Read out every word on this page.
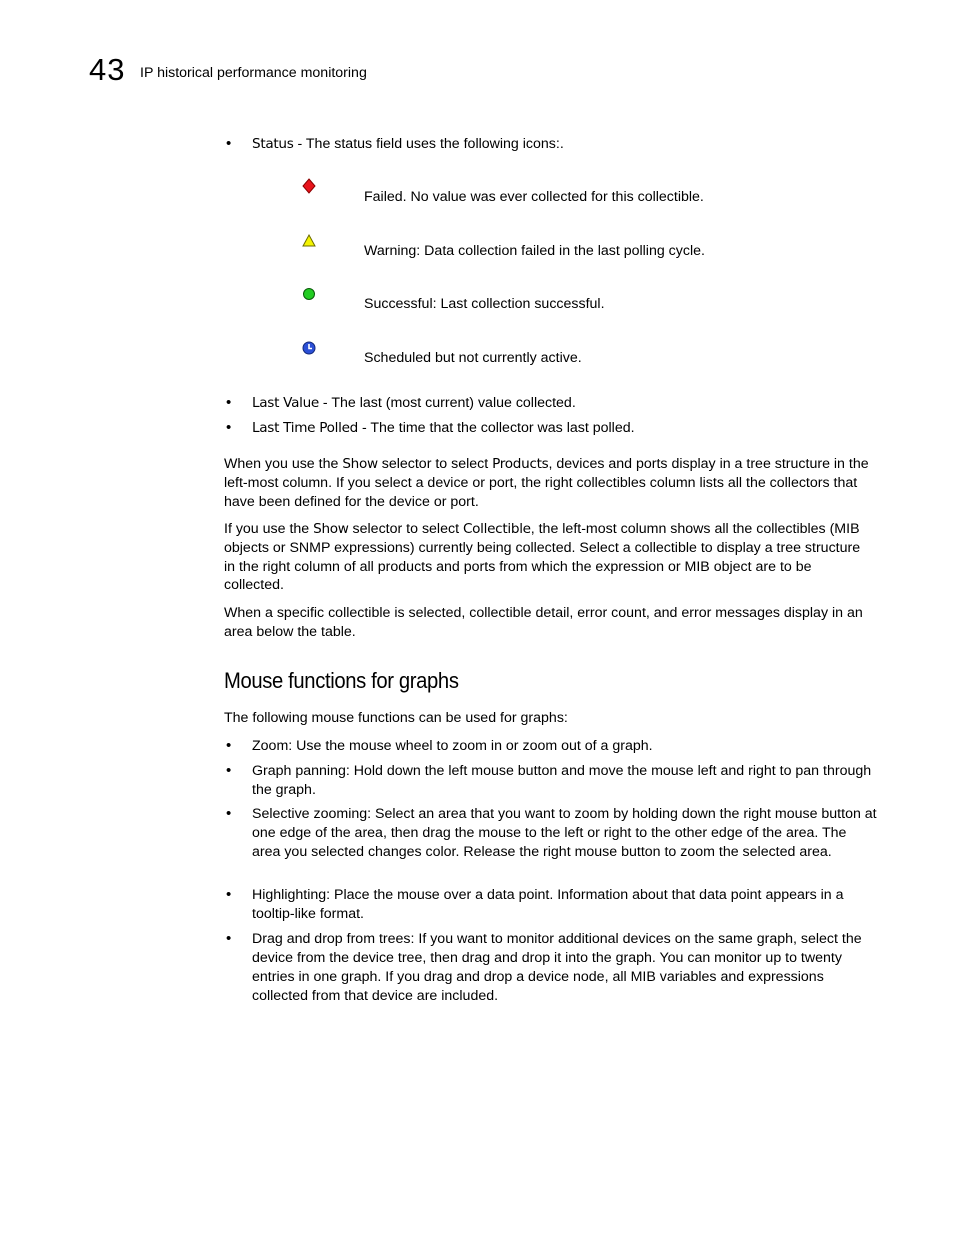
43 IP historical performance monitoring
• Status - The status field uses the following icons:.
Failed. No value was ever collected for this collectible.
Warning: Data collection failed in the last polling cycle.
Successful: Last collection successful.
Scheduled but not currently active.
• Last Value - The last (most current) value collected.
• Last Time Polled - The time that the collector was last polled.
When you use the Show selector to select Products, devices and ports display in a tree structure in the left-most column. If you select a device or port, the right collectibles column lists all the collectors that have been defined for the device or port.
If you use the Show selector to select Collectible, the left-most column shows all the collectibles (MIB objects or SNMP expressions) currently being collected. Select a collectible to display a tree structure in the right column of all products and ports from which the expression or MIB object are to be collected.
When a specific collectible is selected, collectible detail, error count, and error messages display in an area below the table.
Mouse functions for graphs
The following mouse functions can be used for graphs:
• Zoom: Use the mouse wheel to zoom in or zoom out of a graph.
• Graph panning: Hold down the left mouse button and move the mouse left and right to pan through the graph.
• Selective zooming: Select an area that you want to zoom by holding down the right mouse button at one edge of the area, then drag the mouse to the left or right to the other edge of the area. The area you selected changes color. Release the right mouse button to zoom the selected area.
• Highlighting: Place the mouse over a data point. Information about that data point appears in a tooltip-like format.
• Drag and drop from trees: If you want to monitor additional devices on the same graph, select the device from the device tree, then drag and drop it into the graph. You can monitor up to twenty entries in one graph. If you drag and drop a device node, all MIB variables and expressions collected from that device are included.
